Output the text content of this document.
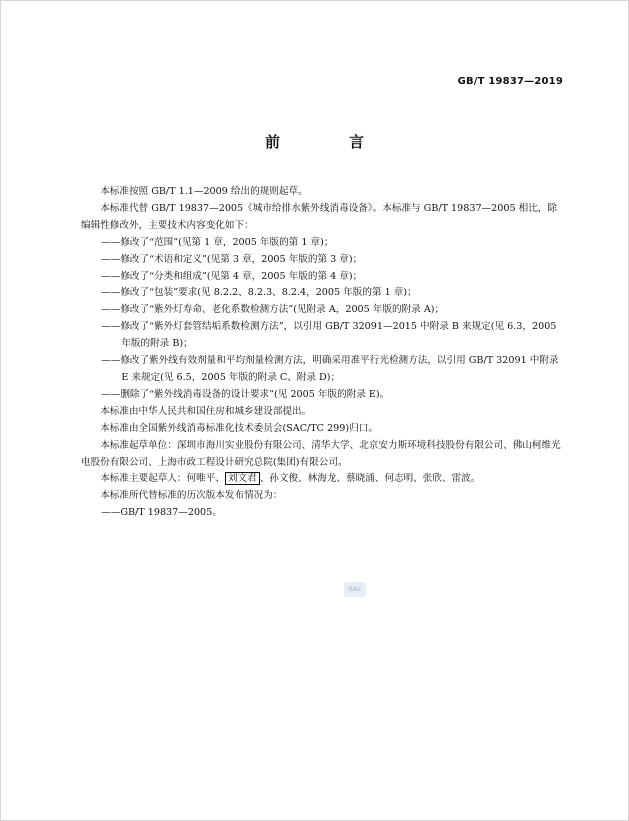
GB/T 19837—2019
前　言

本标准按照 GB/T 1.1—2009 给出的规则起草。

本标准代替 GB/T 19837—2005《城市给排水紫外线消毒设备》。本标准与 GB/T 19837—2005 相比，除编辑性修改外，主要技术内容变化如下：

——修改了“范围”(见第 1 章，2005 年版的第 1 章)；

——修改了“术语和定义”(见第 3 章，2005 年版的第 3 章)；

——修改了“分类和组成”(见第 4 章，2005 年版的第 4 章)；

——修改了“包装”要求(见 8.2.2、8.2.3、8.2.4，2005 年版的第 1 章)；

——修改了“紫外灯寿命、老化系数检测方法”(见附录 A，2005 年版的附录 A)；

——修改了“紫外灯套管结垢系数检测方法”，以引用 GB/T 32091—2015 中附录 B 来规定(见 6.3，2005 年版的附录 B)；

——修改了紫外线有效剂量和平均剂量检测方法，明确采用准平行光检测方法，以引用 GB/T 32091 中附录 E 来规定(见 6.5，2005 年版的附录 C、附录 D)；

——删除了“紫外线消毒设备的设计要求”(见 2005 年版的附录 E)。

本标准由中华人民共和国住房和城乡建设部提出。

本标准由全国紫外线消毒标准化技术委员会(SAC/TC 299)归口。

本标准起草单位：深圳市海川实业股份有限公司、清华大学、北京安力斯环境科技股份有限公司、佛山柯维光电股份有限公司、上海市政工程设计研究总院(集团)有限公司。

本标准主要起草人：何唯平、 刘文君 、孙文俊、林海龙、蔡晓涌、何志明、张欣、雷波。

本标准所代替标准的历次版本发布情况为：

——GB/T 19837—2005。

SAC
